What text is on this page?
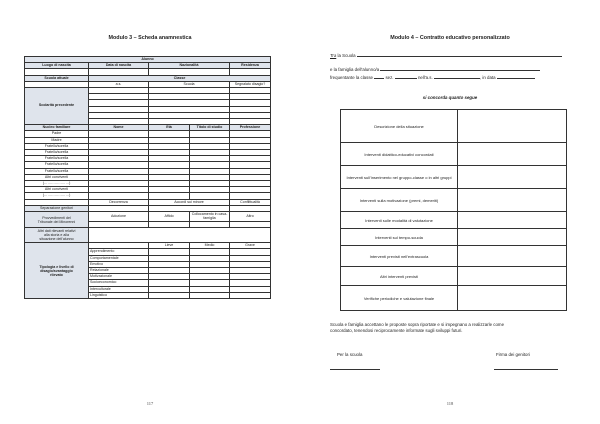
Modulo 3 – Scheda anamnestica
Alunno				
Luogo di nascita	Data di nascita	Nazionalità		Residenza

Scuola attuale	Classe			
	a.s.	Scuola		Segnalato disagio?
Scolarità precedente				

Nucleo familiare	Nome	Età	Titolo di studio	Professione
Padre				
Madre				
Fratello/sorella				
Fratello/sorella				
Fratello/sorella				
Fratello/sorella				
Fratello/sorella				
Altri conviventi				
(…………………)				
Altri conviventi				
(…………………)				
	Decorrenza	Accordi sui minore		Conflittualità
Separazione genitori				
Provvedimenti del
Tribunale dei Minorenni	Adozione	Affido	Collocamento in casa-famiglia	Altro

Altri dati rilevanti relativi
alla storia e alla
situazione dell'alunno				
Tipologia e livello di
disagio/svantaggio
rilevato		Lieve	Medio	Grave
	Apprendimento			
	Comportamentale			
	Emotivo			
	Relazionale			
	Motivazionale			
	Socioeconomico			
	Interculturale			
	Linguistico			
117
Modulo 4 – Contratto educativo personalizzato
Tra la Scuola
e la famiglia dell'alunno/a
frequentante la classe	sez.	nell'a.s.	, in data
si concorda quanto segue
Descrizione della situazione	
Interventi didattico-educativi concordati	
Interventi sull'inserimento nel gruppo-classe o in altri gruppi	
Interventi sulla motivazione (premi, demeriti)	
Interventi sulle modalità di valutazione	
Interventi sul tempo-scuola	
Interventi previsti nell'extrascuola	
Altri interventi previsti	
Verifiche periodiche e valutazione finale	
Scuola e famiglia accettano le proposte sopra riportate e si impegnano a realizzarle come
concordato, tenendosi reciprocamente informate sugli sviluppi futuri.
Per la scuola	Firma dei genitori
118
